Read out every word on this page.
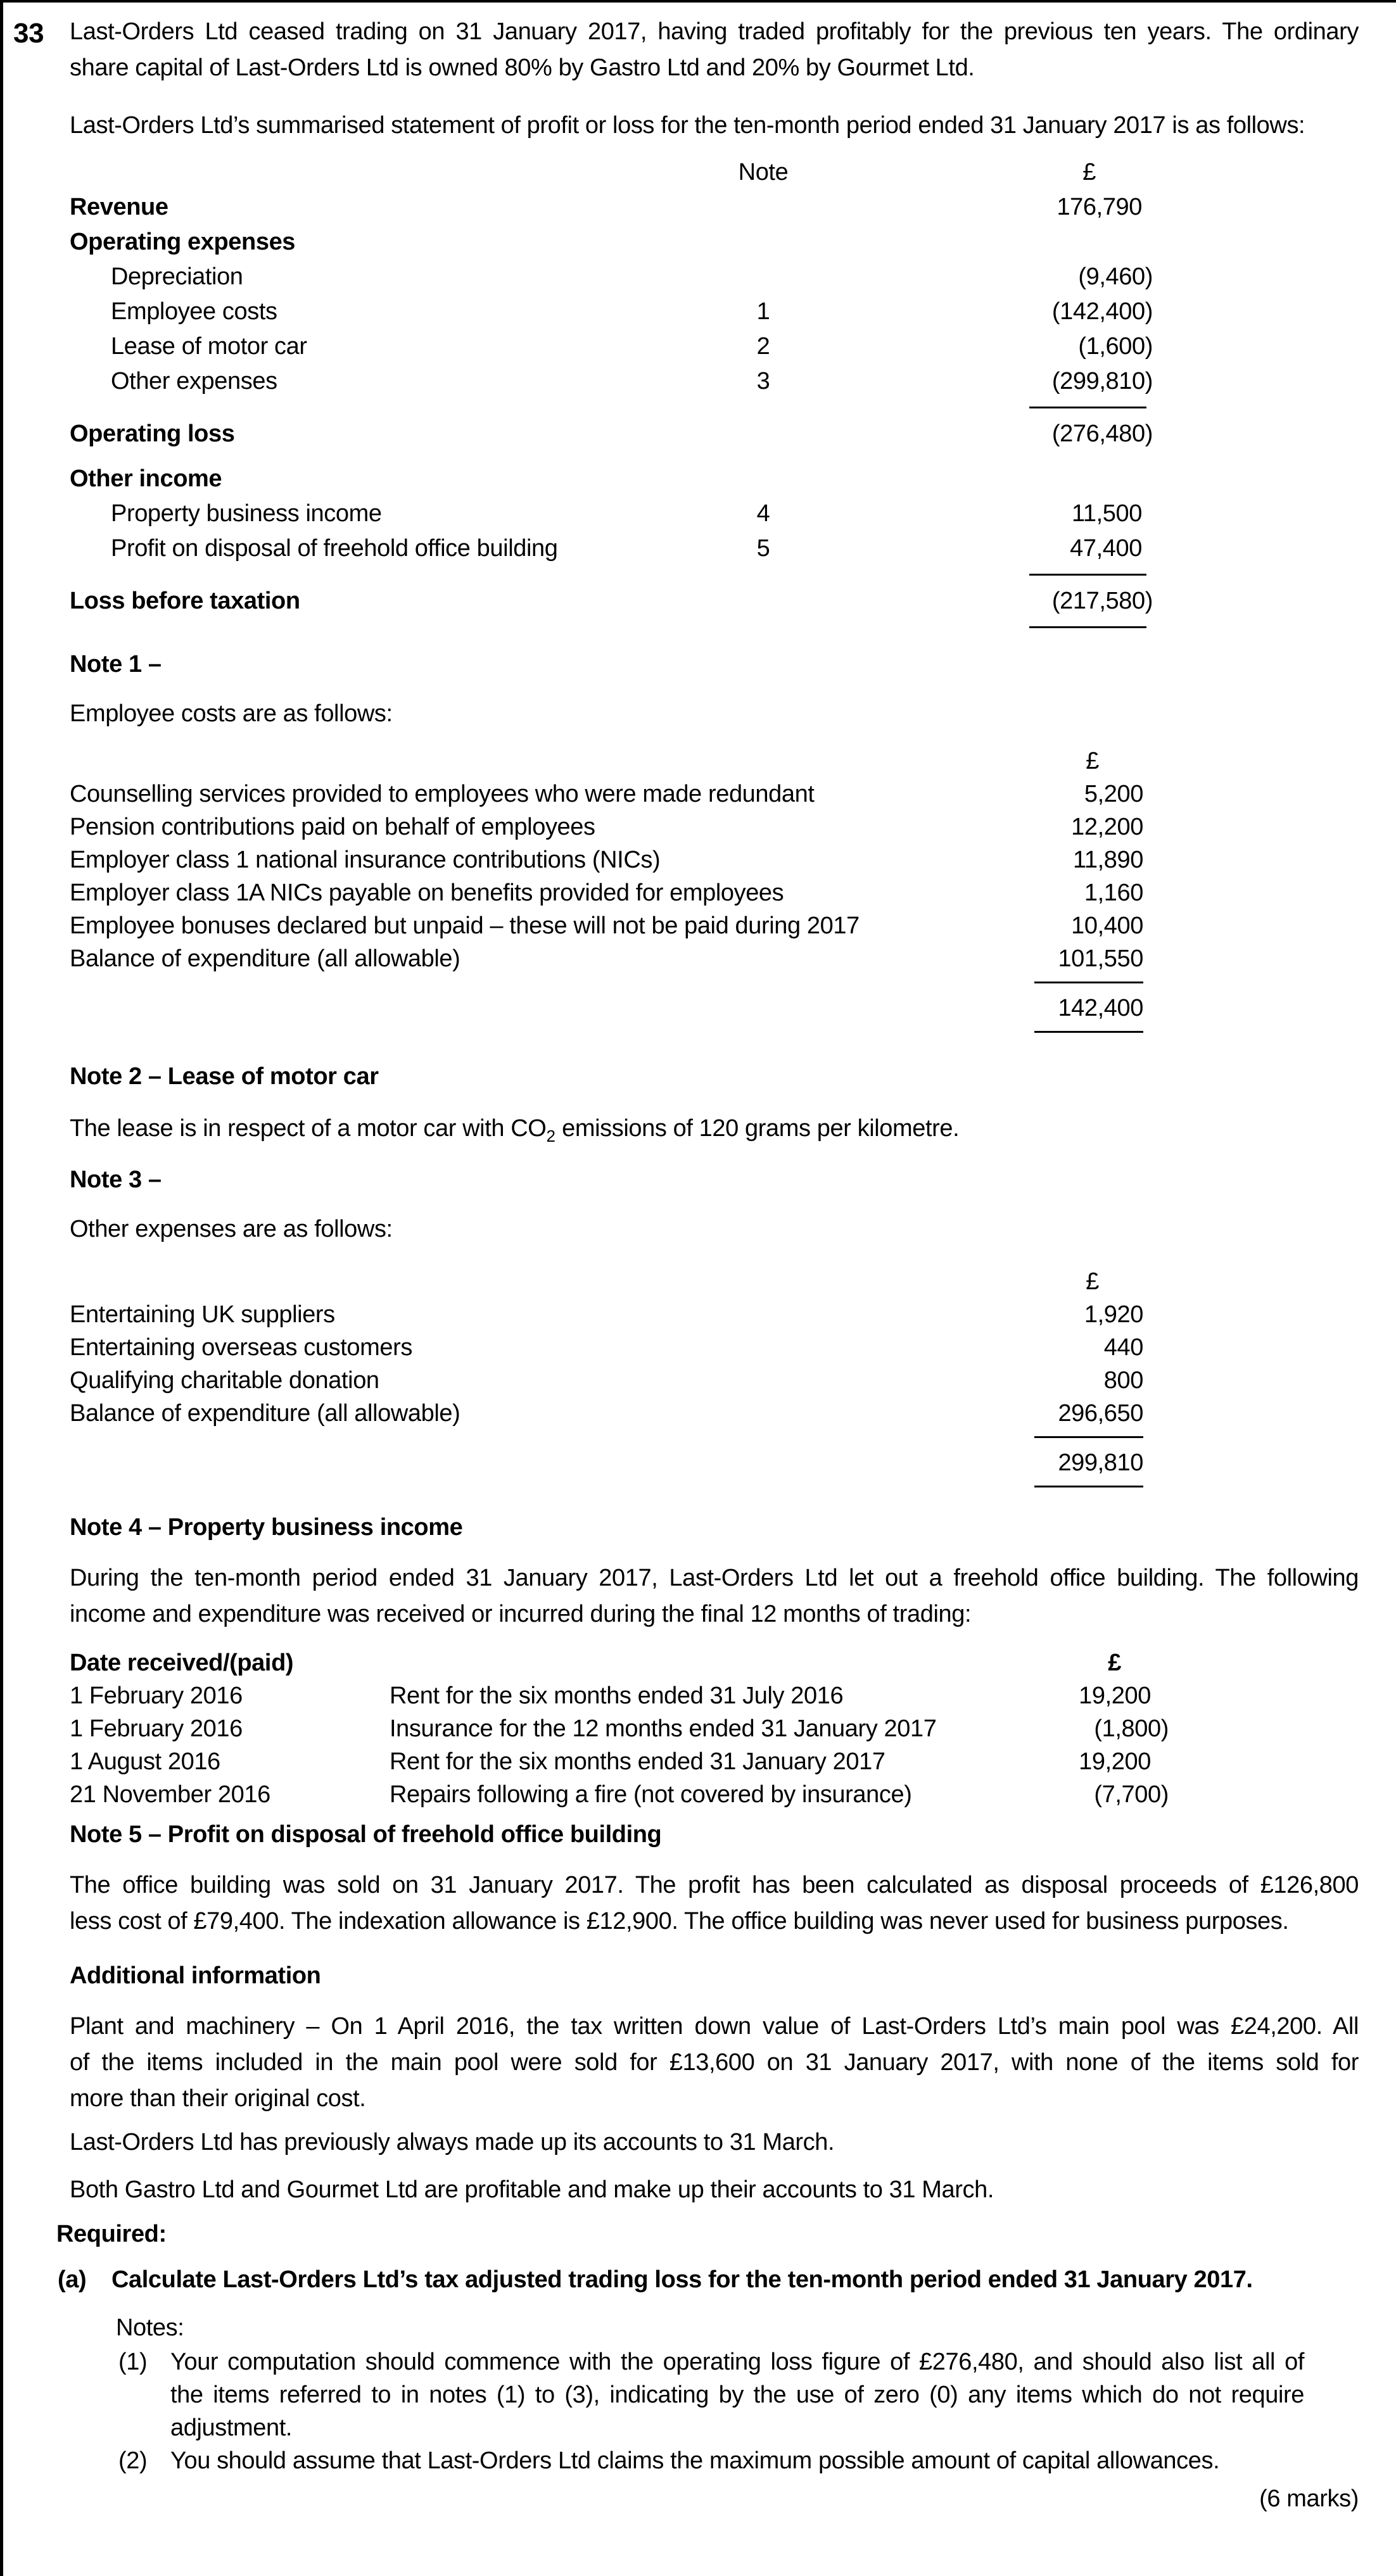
33 Last-Orders Ltd ceased trading on 31 January 2017, having traded profitably for the previous ten years. The ordinary
share capital of Last-Orders Ltd is owned 80% by Gastro Ltd and 20% by Gourmet Ltd.
Last-Orders Ltd’s summarised statement of profit or loss for the ten-month period ended 31 January 2017 is as follows:
Note	£
Revenue	176,790
Operating expenses
Depreciation	(9,460)
Employee costs	1	(142,400)
Lease of motor car	2	(1,600)
Other expenses	3	(299,810)
Operating loss	(276,480)
Other income
Property business income	4	11,500
Profit on disposal of freehold office building	5	47,400
Loss before taxation	(217,580)
Note 1 –
Employee costs are as follows:
£
Counselling services provided to employees who were made redundant	5,200
Pension contributions paid on behalf of employees	12,200
Employer class 1 national insurance contributions (NICs)	11,890
Employer class 1A NICs payable on benefits provided for employees	1,160
Employee bonuses declared but unpaid – these will not be paid during 2017	10,400
Balance of expenditure (all allowable)	101,550
142,400
Note 2 – Lease of motor car
The lease is in respect of a motor car with $CO_2$ emissions of 120 grams per kilometre.
Note 3 –
Other expenses are as follows:
£
Entertaining UK suppliers	1,920
Entertaining overseas customers	440
Qualifying charitable donation	800
Balance of expenditure (all allowable)	296,650
299,810
Note 4 – Property business income
During the ten-month period ended 31 January 2017, Last-Orders Ltd let out a freehold office building. The following
income and expenditure was received or incurred during the final 12 months of trading:
Date received/(paid)	£
1 February 2016	Rent for the six months ended 31 July 2016	19,200
1 February 2016	Insurance for the 12 months ended 31 January 2017	(1,800)
1 August 2016	Rent for the six months ended 31 January 2017	19,200
21 November 2016	Repairs following a fire (not covered by insurance)	(7,700)
Note 5 – Profit on disposal of freehold office building
The office building was sold on 31 January 2017. The profit has been calculated as disposal proceeds of £126,800
less cost of £79,400. The indexation allowance is £12,900. The office building was never used for business purposes.
Additional information
Plant and machinery – On 1 April 2016, the tax written down value of Last-Orders Ltd’s main pool was £24,200. All
of the items included in the main pool were sold for £13,600 on 31 January 2017, with none of the items sold for
more than their original cost.
Last-Orders Ltd has previously always made up its accounts to 31 March.
Both Gastro Ltd and Gourmet Ltd are profitable and make up their accounts to 31 March.
Required:
(a)	Calculate Last-Orders Ltd’s tax adjusted trading loss for the ten-month period ended 31 January 2017.
Notes:
(1) Your computation should commence with the operating loss figure of £276,480, and should also list all of
the items referred to in notes (1) to (3), indicating by the use of zero (0) any items which do not require
adjustment.
(2) You should assume that Last-Orders Ltd claims the maximum possible amount of capital allowances.
(6 marks)
